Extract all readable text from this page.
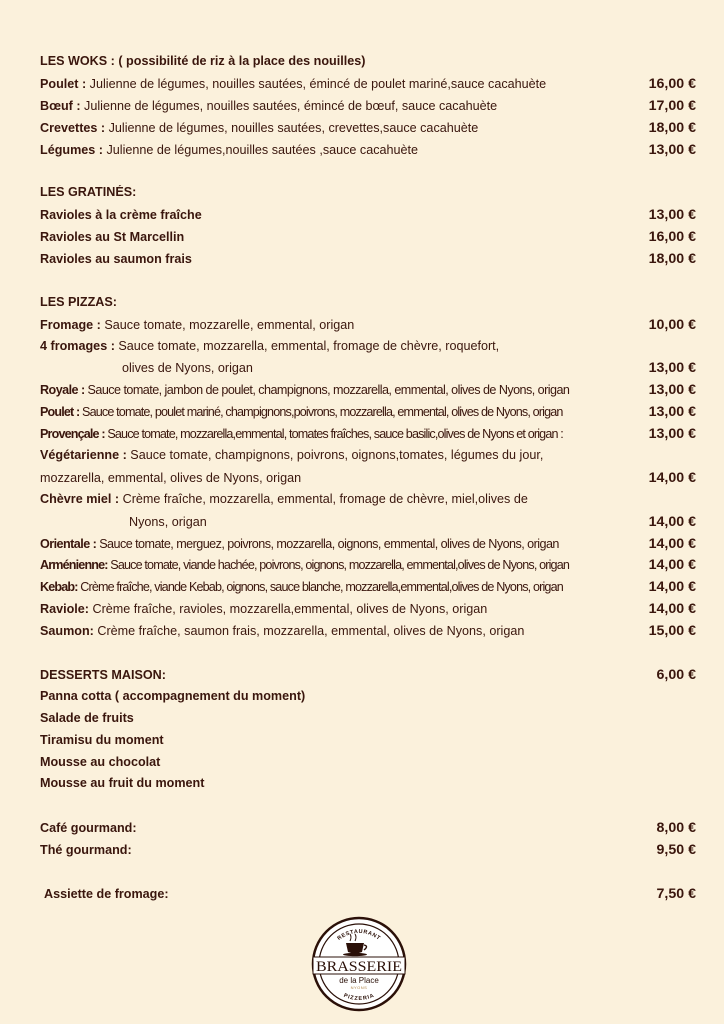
LES WOKS : ( possibilité de riz à la place des nouilles)
Poulet : Julienne de légumes, nouilles sautées, émincé de poulet mariné,sauce cacahuète	16,00 €
Bœuf : Julienne de légumes, nouilles sautées, émincé de bœuf, sauce cacahuète	17,00 €
Crevettes : Julienne de légumes, nouilles sautées, crevettes,sauce cacahuète	18,00 €
Légumes : Julienne de légumes,nouilles sautées ,sauce cacahuète	13,00 €
LES GRATINÉS:
Ravioles à la crème fraîche	13,00 €
Ravioles au St Marcellin	16,00 €
Ravioles au saumon frais	18,00 €
LES PIZZAS:
Fromage : Sauce tomate, mozzarelle, emmental, origan	10,00 €
4 fromages : Sauce tomate, mozzarella, emmental, fromage de chèvre, roquefort,
olives de Nyons, origan	13,00 €
Royale : Sauce tomate, jambon de poulet, champignons, mozzarella, emmental, olives de Nyons, origan	13,00 €
Poulet : Sauce tomate, poulet mariné, champignons,poivrons, mozzarella, emmental, olives de Nyons, origan	13,00 €
Provençale : Sauce tomate, mozzarella,emmental, tomates fraîches, sauce basilic,olives de Nyons et origan :	13,00 €
Végétarienne : Sauce tomate, champignons, poivrons, oignons,tomates, légumes du jour,
mozzarella, emmental, olives de Nyons, origan	14,00 €
Chèvre miel : Crème fraîche, mozzarella, emmental, fromage de chèvre, miel,olives de
Nyons, origan	14,00 €
Orientale : Sauce tomate, merguez, poivrons, mozzarella, oignons, emmental, olives de Nyons, origan	14,00 €
Arménienne: Sauce tomate, viande hachée, poivrons, oignons, mozzarella, emmental,olives de Nyons, origan	14,00 €
Kebab: Crème fraîche, viande Kebab, oignons, sauce blanche, mozzarella,emmental,olives de Nyons, origan	14,00 €
Raviole: Crème fraîche, ravioles, mozzarella,emmental, olives de Nyons, origan	14,00 €
Saumon: Crème fraîche, saumon frais, mozzarella, emmental, olives de Nyons, origan	15,00 €
DESSERTS MAISON:	6,00 €
Panna cotta ( accompagnement du moment)
Salade de fruits
Tiramisu du moment
Mousse au chocolat
Mousse au fruit du moment
Café gourmand:	8,00 €
Thé gourmand:	9,50 €
Assiette de fromage:	7,50 €
RESTAURANT
PIZZERIA
BRASSERIE
de la Place
NYONS
